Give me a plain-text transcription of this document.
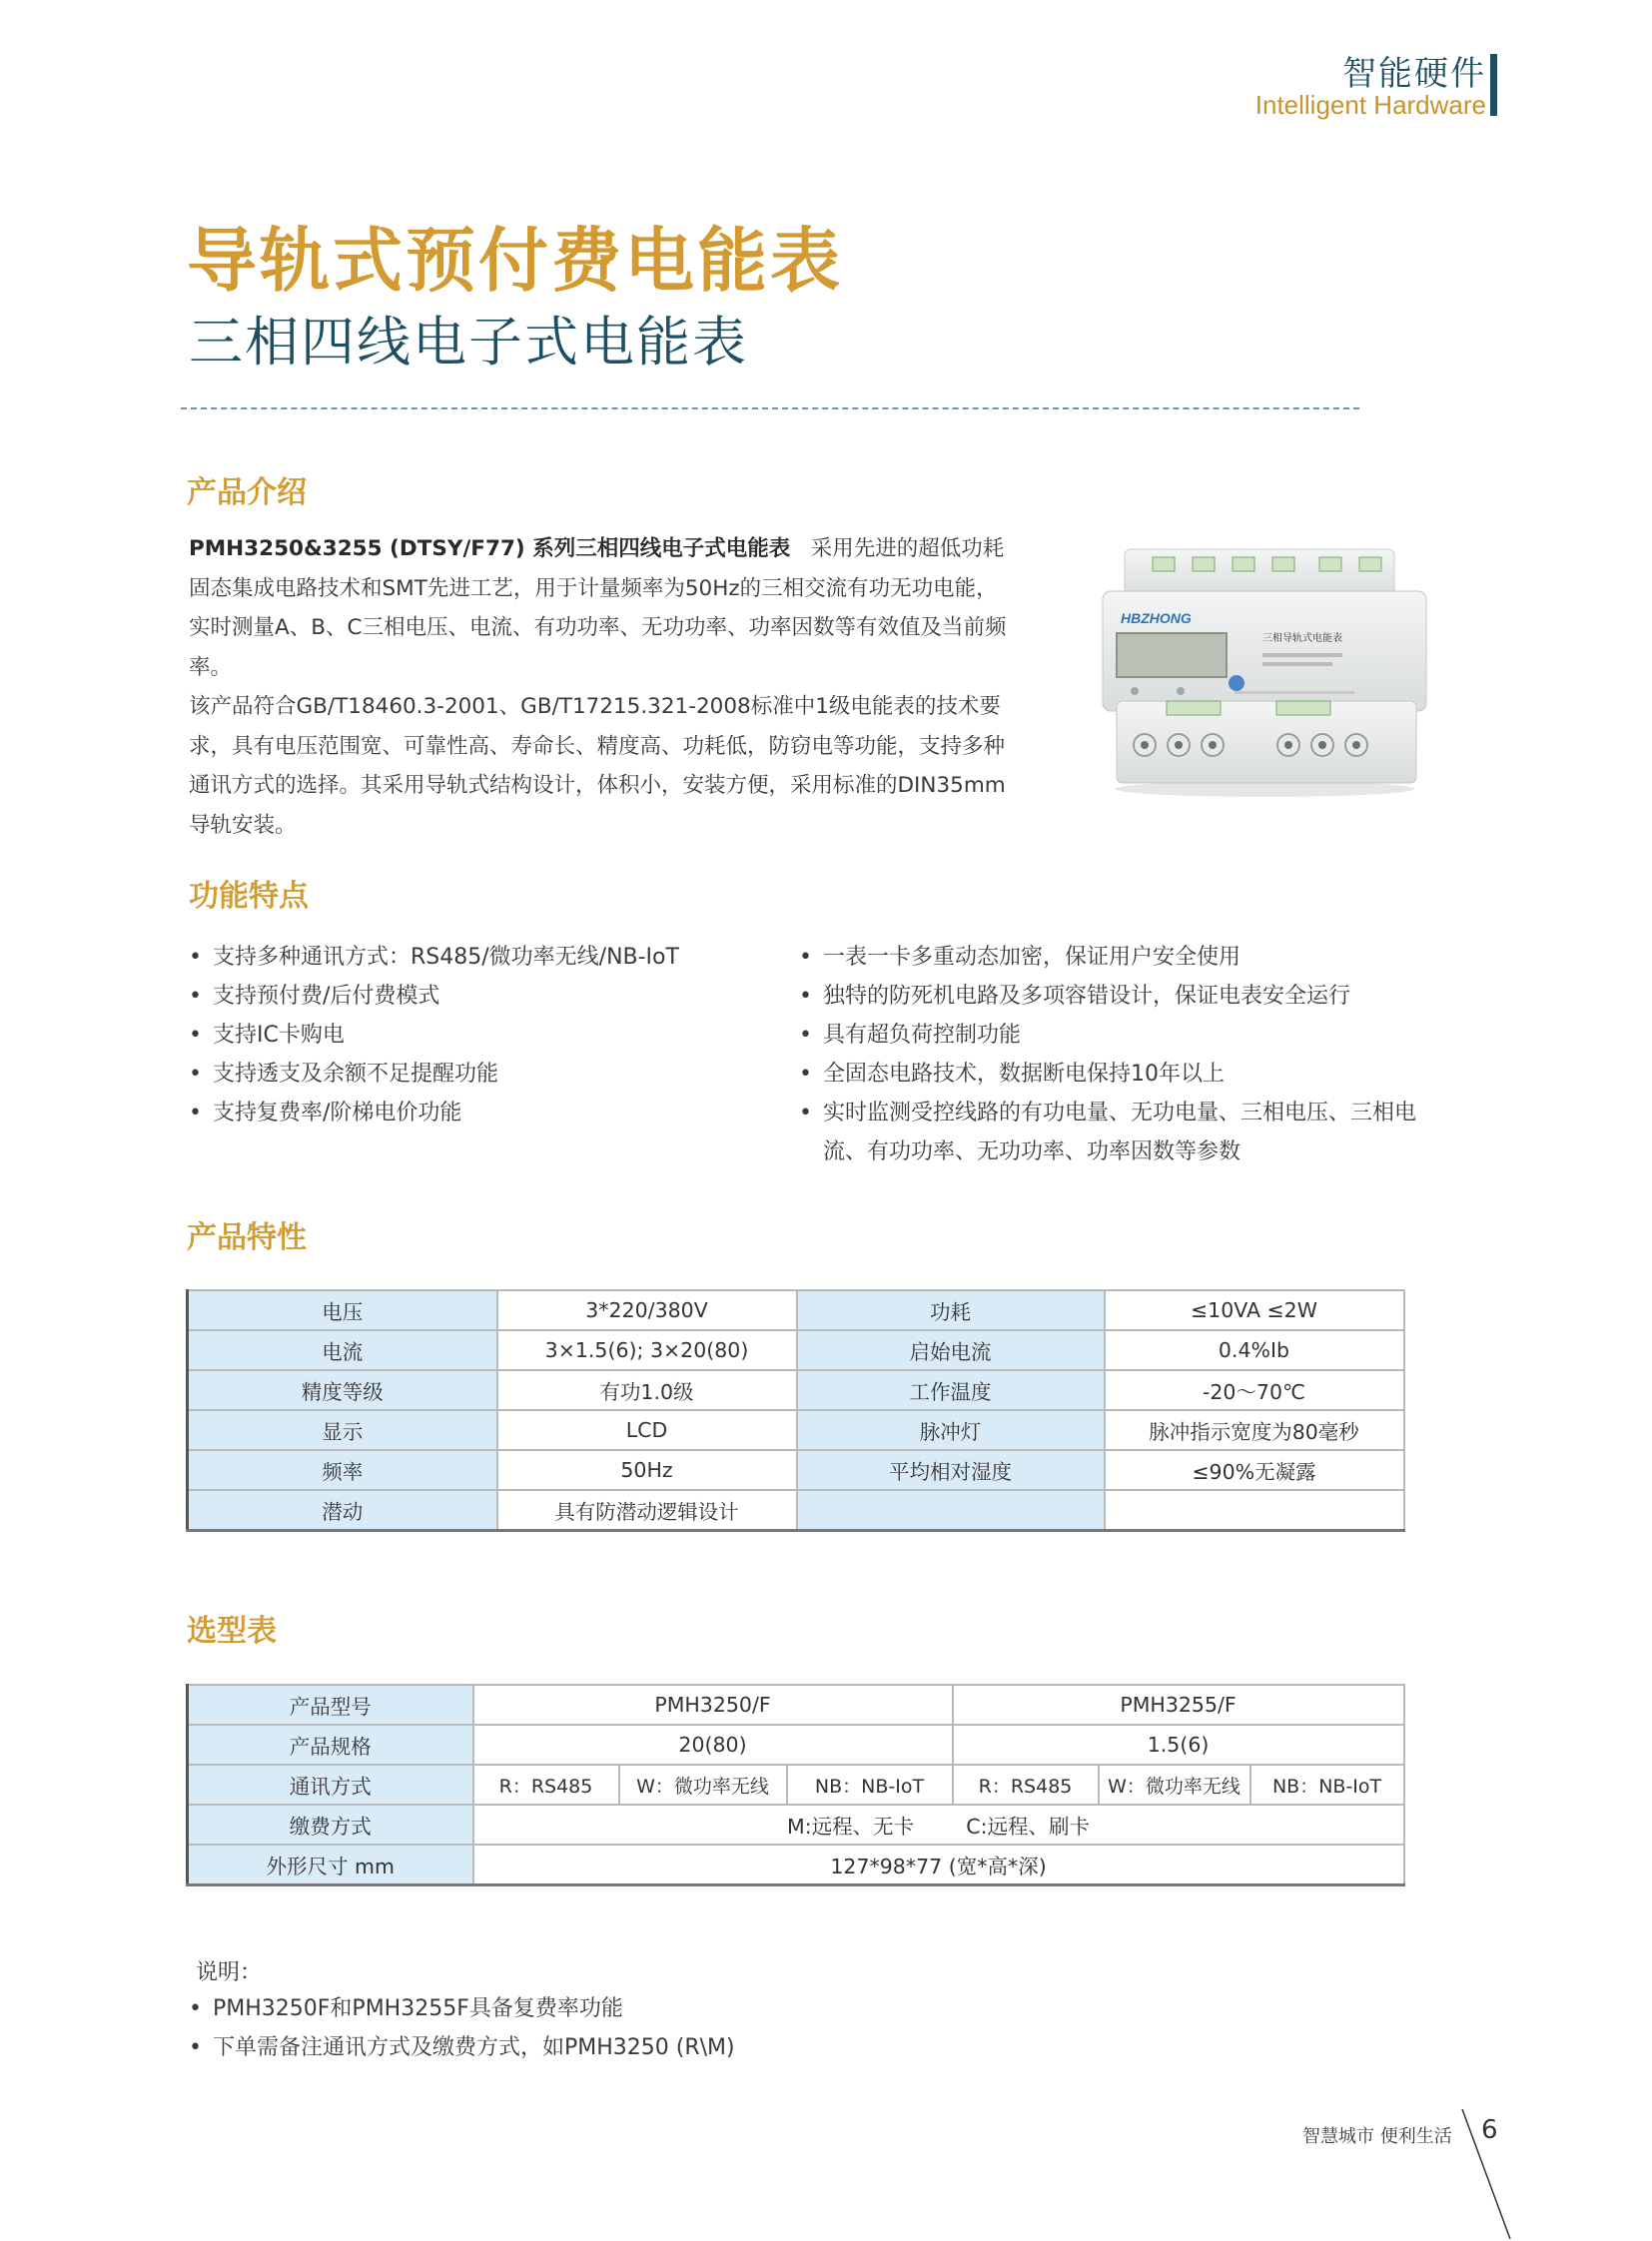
智能硬件
Intelligent Hardware
导轨式预付费电能表
三相四线电子式电能表
产品介绍

PMH3250&3255 (DTSY/F77) 系列三相四线电子式电能表 采用先进的超低功耗固态集成电路技术和SMT先进工艺，用于计量频率为50Hz的三相交流有功无功电能，实时测量A、B、C三相电压、电流、有功功率、无功功率、功率因数等有效值及当前频率。

该产品符合GB/T18460.3-2001、GB/T17215.321-2008标准中1级电能表的技术要求，具有电压范围宽、可靠性高、寿命长、精度高、功耗低，防窃电等功能，支持多种通讯方式的选择。其采用导轨式结构设计，体积小，安装方便，采用标准的DIN35mm导轨安装。

HBZHONG
三相导轨式电能表
功能特点
• 支持多种通讯方式：RS485/微功率无线/NB-IoT
• 支持预付费/后付费模式
• 支持IC卡购电
• 支持透支及余额不足提醒功能
• 支持复费率/阶梯电价功能
• 一表一卡多重动态加密，保证用户安全使用
• 独特的防死机电路及多项容错设计，保证电表安全运行
• 具有超负荷控制功能
• 全固态电路技术，数据断电保持10年以上
• 实时监测受控线路的有功电量、无功电量、三相电压、三相电流、有功功率、无功功率、功率因数等参数
产品特性
电压	3*220/380V	功耗	≤10VA ≤2W
电流	3×1.5(6); 3×20(80)	启始电流	0.4%Ib
精度等级	有功1.0级	工作温度	-20～70℃
显示	LCD	脉冲灯	脉冲指示宽度为80毫秒
频率	50Hz	平均相对湿度	≤90%无凝露
潜动	具有防潜动逻辑设计		
选型表
产品型号	PMH3250/F			PMH3255/F		
产品规格	20(80)			1.5(6)		
通讯方式	R：RS485	W：微功率无线	NB：NB-IoT	R：RS485	W：微功率无线	NB：NB-IoT
缴费方式	M:远程、无卡        C:远程、刷卡					
外形尺寸 mm	127*98*77 (宽*高*深)					
说明：
• PMH3250F和PMH3255F具备复费率功能
• 下单需备注通讯方式及缴费方式，如PMH3250 (R\M)
智慧城市 便利生活 6
